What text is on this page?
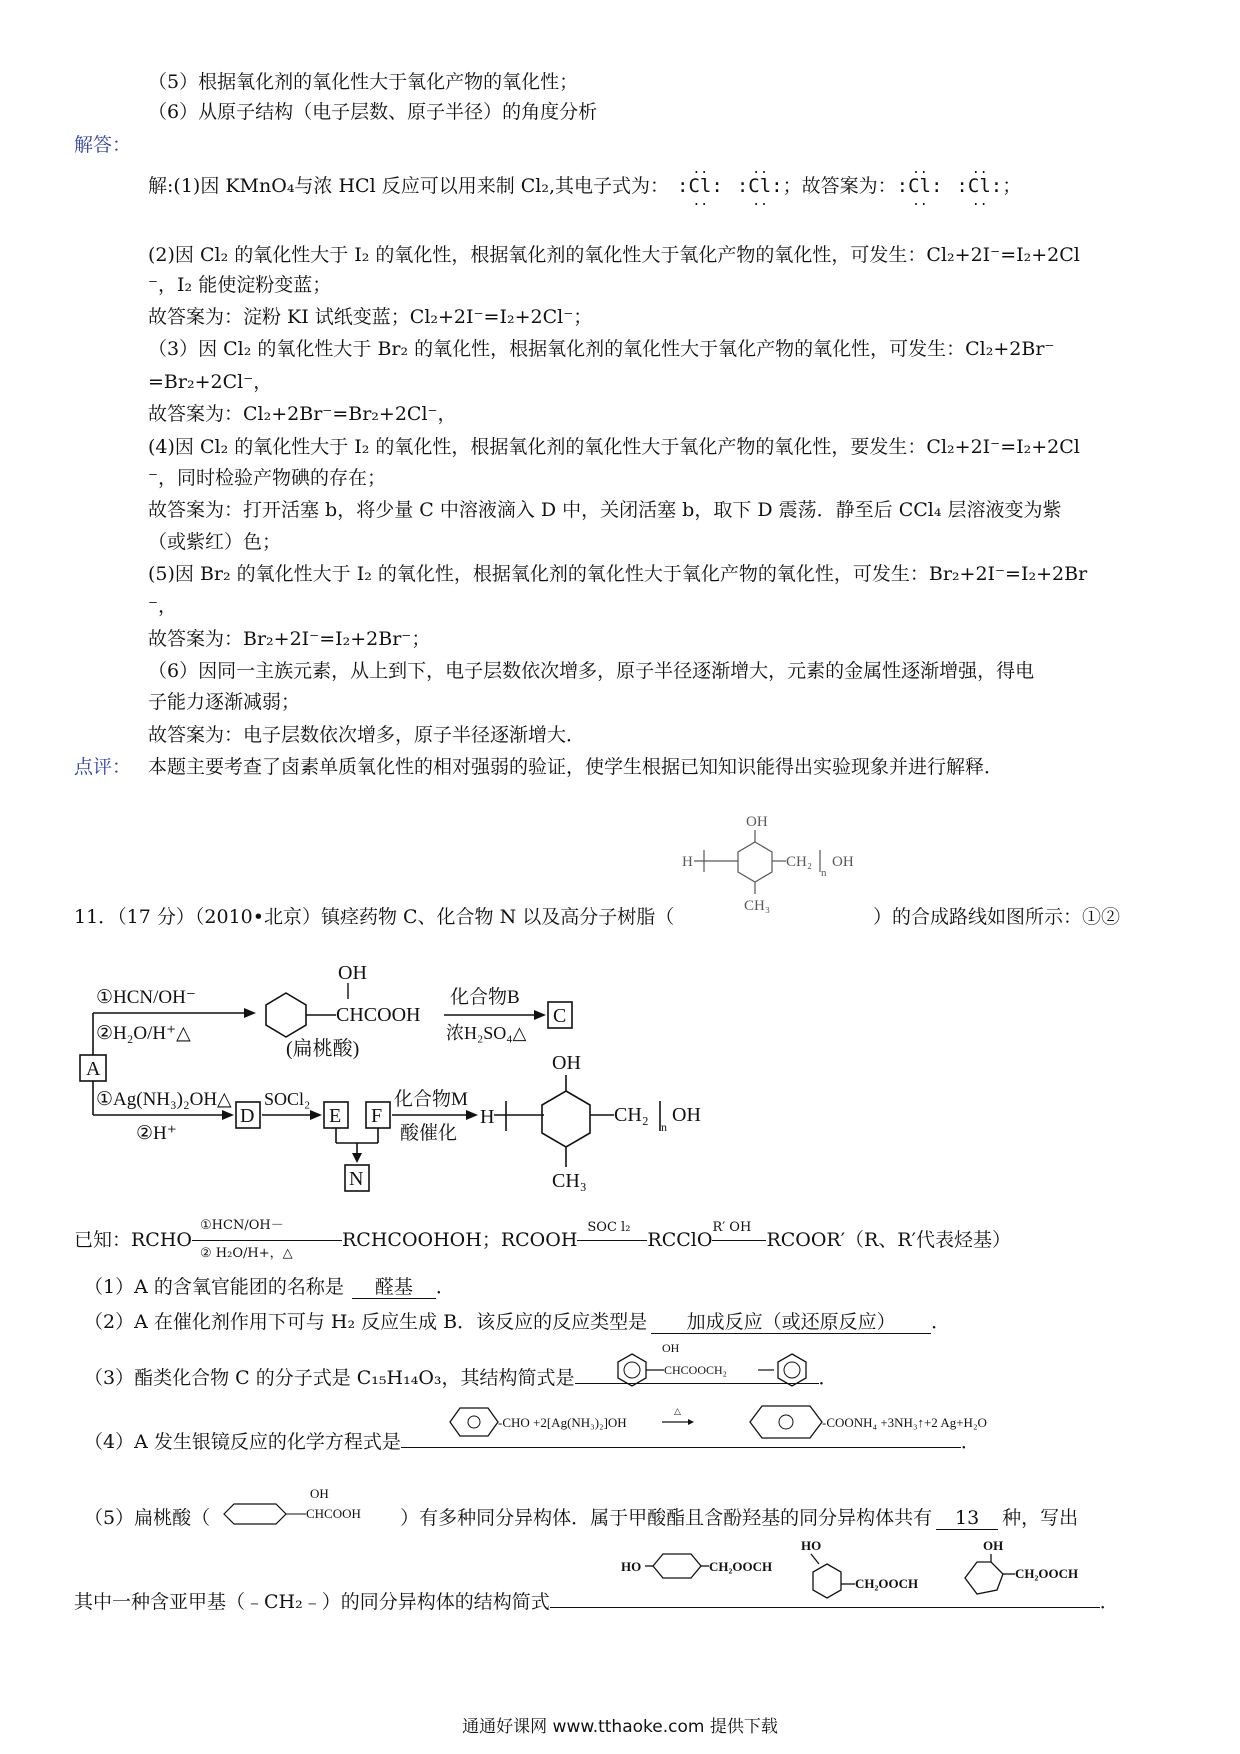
（5）根据氧化剂的氧化性大于氧化产物的氧化性；
（6）从原子结构（电子层数、原子半径）的角度分析
解答：
解:(1)因 KMnO₄与浓 HCl 反应可以用来制 Cl₂,其电子式为： :
..
Cl
..
: :
..
Cl
..
:；故答案为：:
..
Cl
..
: :
..
Cl
..
:；
(2)因 Cl₂ 的氧化性大于 I₂ 的氧化性，根据氧化剂的氧化性大于氧化产物的氧化性，可发生：Cl₂+2I⁻=I₂+2Cl
⁻，I₂ 能使淀粉变蓝；
故答案为：淀粉 KI 试纸变蓝；Cl₂+2I⁻=I₂+2Cl⁻；
（3）因 Cl₂ 的氧化性大于 Br₂ 的氧化性，根据氧化剂的氧化性大于氧化产物的氧化性，可发生：Cl₂+2Br⁻
=Br₂+2Cl⁻，
故答案为：Cl₂+2Br⁻=Br₂+2Cl⁻，
(4)因 Cl₂ 的氧化性大于 I₂ 的氧化性，根据氧化剂的氧化性大于氧化产物的氧化性，要发生：Cl₂+2I⁻=I₂+2Cl
⁻，同时检验产物碘的存在；
故答案为：打开活塞 b，将少量 C 中溶液滴入 D 中，关闭活塞 b，取下 D 震荡．静至后 CCl₄ 层溶液变为紫
（或紫红）色；
(5)因 Br₂ 的氧化性大于 I₂ 的氧化性，根据氧化剂的氧化性大于氧化产物的氧化性，可发生：Br₂+2I⁻=I₂+2Br
⁻，
故答案为：Br₂+2I⁻=I₂+2Br⁻；
（6）因同一主族元素，从上到下，电子层数依次增多，原子半径逐渐增大，元素的金属性逐渐增强，得电
子能力逐渐减弱；
故答案为：电子层数依次增多，原子半径逐渐增大．
点评： 本题主要考查了卤素单质氧化性的相对强弱的验证，使学生根据已知知识能得出实验现象并进行解释．
11．（17 分）（2010•北京）镇痉药物 C、化合物 N 以及高分子树脂（	）的合成路线如图所示：①②
OH
H	CH₂
n
OH
CH₃
A
①HCN/OH⁻
②H₂O/H⁺△
CHCOOH
OH
(扁桃酸)
化合物B
浓H₂SO₄△
C
①Ag(NH₃)₂OH△
②H⁺
D
SOCl₂
E F
N
化合物M
酸催化
H
OH
CH₂
n
OH
CH₃
已知：RCHO
①HCN/OH－
② H₂O/H+，△
RCHCOOHOH；RCOOH
SOC l₂
RCClO
R′ OH
RCOOR′（R、R′代表烃基）
（1）A 的含氧官能团的名称是 醛基 ．
（2）A 在催化剂作用下可与 H₂ 反应生成 B．该反应的反应类型是 加成反应（或还原反应） ．
（3）酯类化合物 C 的分子式是 C₁₅H₁₄O₃，其结构简式是	．
OH
CHCOOCH₂
（4）A 发生银镜反应的化学方程式是	．
-CHO +2[Ag(NH₃)₂]OH
△
-COONH₄ +3NH₃↑+2 Ag+H₂O
（5）扁桃酸（	）有多种同分异构体．属于甲酸酯且含酚羟基的同分异构体共有 13 种，写出
CHCOOH
OH
其中一种含亚甲基（﹣CH₂﹣）的同分异构体的结构简式	．
HO	CH₂OOCH
HO
CH₂OOCH
OH
CH₂OOCH
通通好课网 www.tthaoke.com 提供下载
